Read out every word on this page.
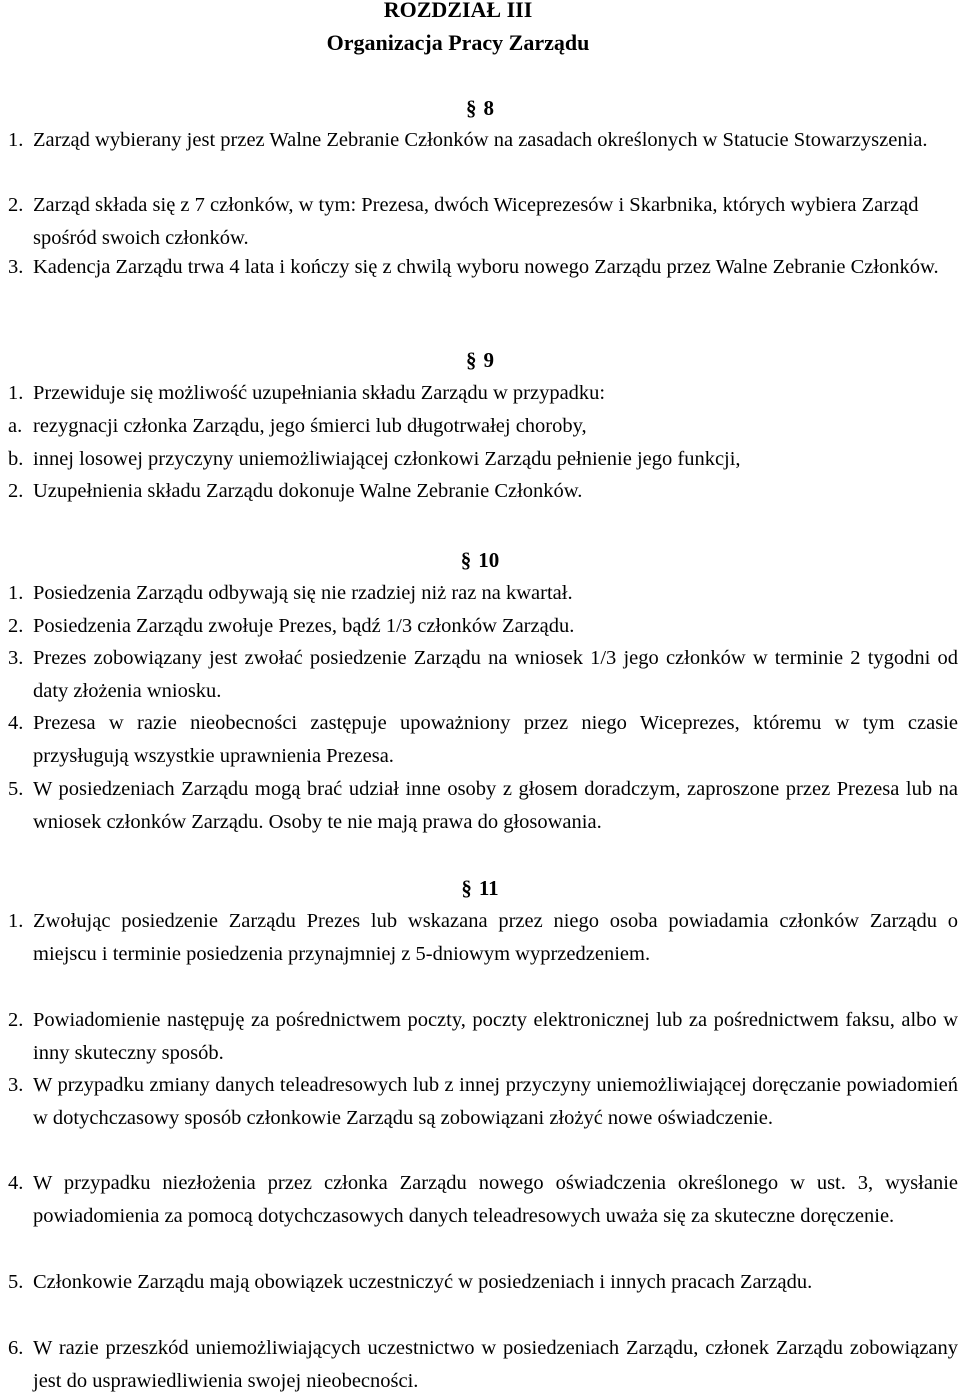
ROZDZIAŁ III
Organizacja Pracy Zarządu
§ 8
1. Zarząd wybierany jest przez Walne Zebranie Członków na zasadach określonych w Statucie Stowarzyszenia.
2. Zarząd składa się z 7 członków, w tym: Prezesa, dwóch Wiceprezesów i Skarbnika, których wybiera Zarząd spośród swoich członków.
3. Kadencja Zarządu trwa 4 lata i kończy się z chwilą wyboru nowego Zarządu przez Walne Zebranie Członków.
§ 9
1. Przewiduje się możliwość uzupełniania składu Zarządu w przypadku:
a. rezygnacji członka Zarządu, jego śmierci lub długotrwałej choroby,
b. innej losowej przyczyny uniemożliwiającej członkowi Zarządu pełnienie jego funkcji,
2. Uzupełnienia składu Zarządu dokonuje Walne Zebranie Członków.
§ 10
1. Posiedzenia Zarządu odbywają się nie rzadziej niż raz na kwartał.
2. Posiedzenia Zarządu zwołuje Prezes, bądź 1/3 członków Zarządu.
3. Prezes zobowiązany jest zwołać posiedzenie Zarządu na wniosek 1/3 jego członków w terminie 2 tygodni od daty złożenia wniosku.
4. Prezesa w razie nieobecności zastępuje upoważniony przez niego Wiceprezes, któremu w tym czasie przysługują wszystkie uprawnienia Prezesa.
5. W posiedzeniach Zarządu mogą brać udział inne osoby z głosem doradczym, zaproszone przez Prezesa lub na wniosek członków Zarządu. Osoby te nie mają prawa do głosowania.
§ 11
1. Zwołując posiedzenie Zarządu Prezes lub wskazana przez niego osoba powiadamia członków Zarządu o miejscu i terminie posiedzenia przynajmniej z 5-dniowym wyprzedzeniem.
2. Powiadomienie następuję za pośrednictwem poczty, poczty elektronicznej lub za pośrednictwem faksu, albo w inny skuteczny sposób.
3. W przypadku zmiany danych teleadresowych lub z innej przyczyny uniemożliwiającej doręczanie powiadomień w dotychczasowy sposób członkowie Zarządu są zobowiązani złożyć nowe oświadczenie.
4. W przypadku niezłożenia przez członka Zarządu nowego oświadczenia określonego w ust. 3, wysłanie powiadomienia za pomocą dotychczasowych danych teleadresowych uważa się za skuteczne doręczenie.
5. Członkowie Zarządu mają obowiązek uczestniczyć w posiedzeniach i innych pracach Zarządu.
6. W razie przeszkód uniemożliwiających uczestnictwo w posiedzeniach Zarządu, członek Zarządu zobowiązany jest do usprawiedliwienia swojej nieobecności.
